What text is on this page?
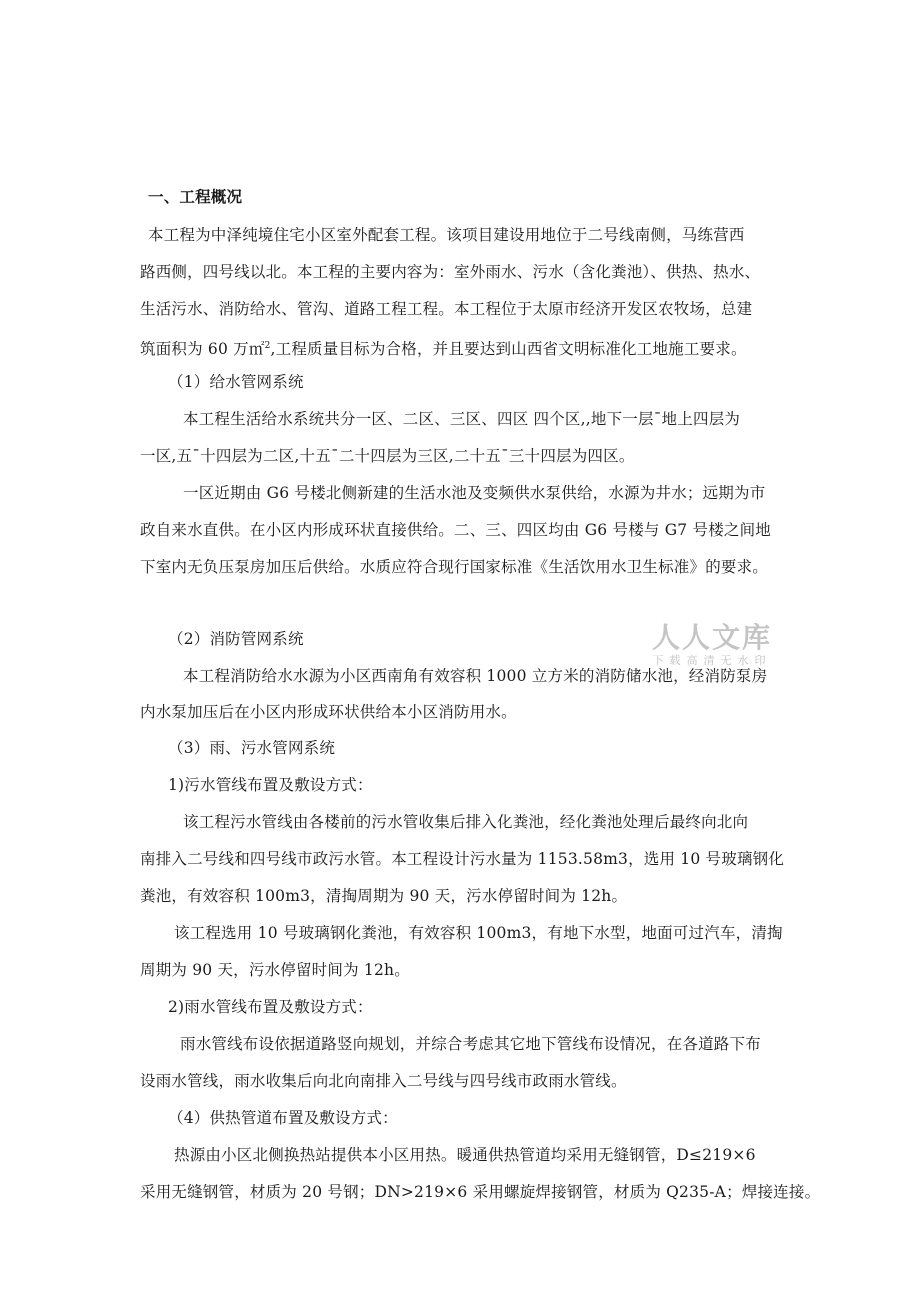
一、工程概况
本工程为中泽纯境住宅小区室外配套工程。该项目建设用地位于二号线南侧，马练营西
路西侧，四号线以北。本工程的主要内容为：室外雨水、污水（含化粪池）、供热、热水、
生活污水、消防给水、管沟、道路工程工程。本工程位于太原市经济开发区农牧场，总建
筑面积为 60 万㎡$^2$,工程质量目标为合格，并且要达到山西省文明标准化工地施工要求。
（1）给水管网系统
本工程生活给水系统共分一区、二区、三区、四区 四个区,,地下一层ˉ地上四层为
一区,五ˉ十四层为二区,十五ˉ二十四层为三区,二十五ˉ三十四层为四区。
一区近期由 G6 号楼北侧新建的生活水池及变频供水泵供给，水源为井水；远期为市
政自来水直供。在小区内形成环状直接供给。二、三、四区均由 G6 号楼与 G7 号楼之间地
下室内无负压泵房加压后供给。水质应符合现行国家标准《生活饮用水卫生标准》的要求。
（2）消防管网系统
本工程消防给水水源为小区西南角有效容积 1000 立方米的消防储水池，经消防泵房
内水泵加压后在小区内形成环状供给本小区消防用水。
（3）雨、污水管网系统
1)污水管线布置及敷设方式：
该工程污水管线由各楼前的污水管收集后排入化粪池，经化粪池处理后最终向北向
南排入二号线和四号线市政污水管。本工程设计污水量为 1153.58m3，选用 10 号玻璃钢化
粪池，有效容积 100m3，清掏周期为 90 天，污水停留时间为 12h。
该工程选用 10 号玻璃钢化粪池，有效容积 100m3，有地下水型，地面可过汽车，清掏
周期为 90 天，污水停留时间为 12h。
2)雨水管线布置及敷设方式：
雨水管线布设依据道路竖向规划，并综合考虑其它地下管线布设情况，在各道路下布
设雨水管线，雨水收集后向北向南排入二号线与四号线市政雨水管线。
（4）供热管道布置及敷设方式：
热源由小区北侧换热站提供本小区用热。暖通供热管道均采用无缝钢管，D≤219×6
采用无缝钢管，材质为 20 号钢；DN>219×6 采用螺旋焊接钢管，材质为 Q235-A；焊接连接。
人人文库
下载高清无水印
